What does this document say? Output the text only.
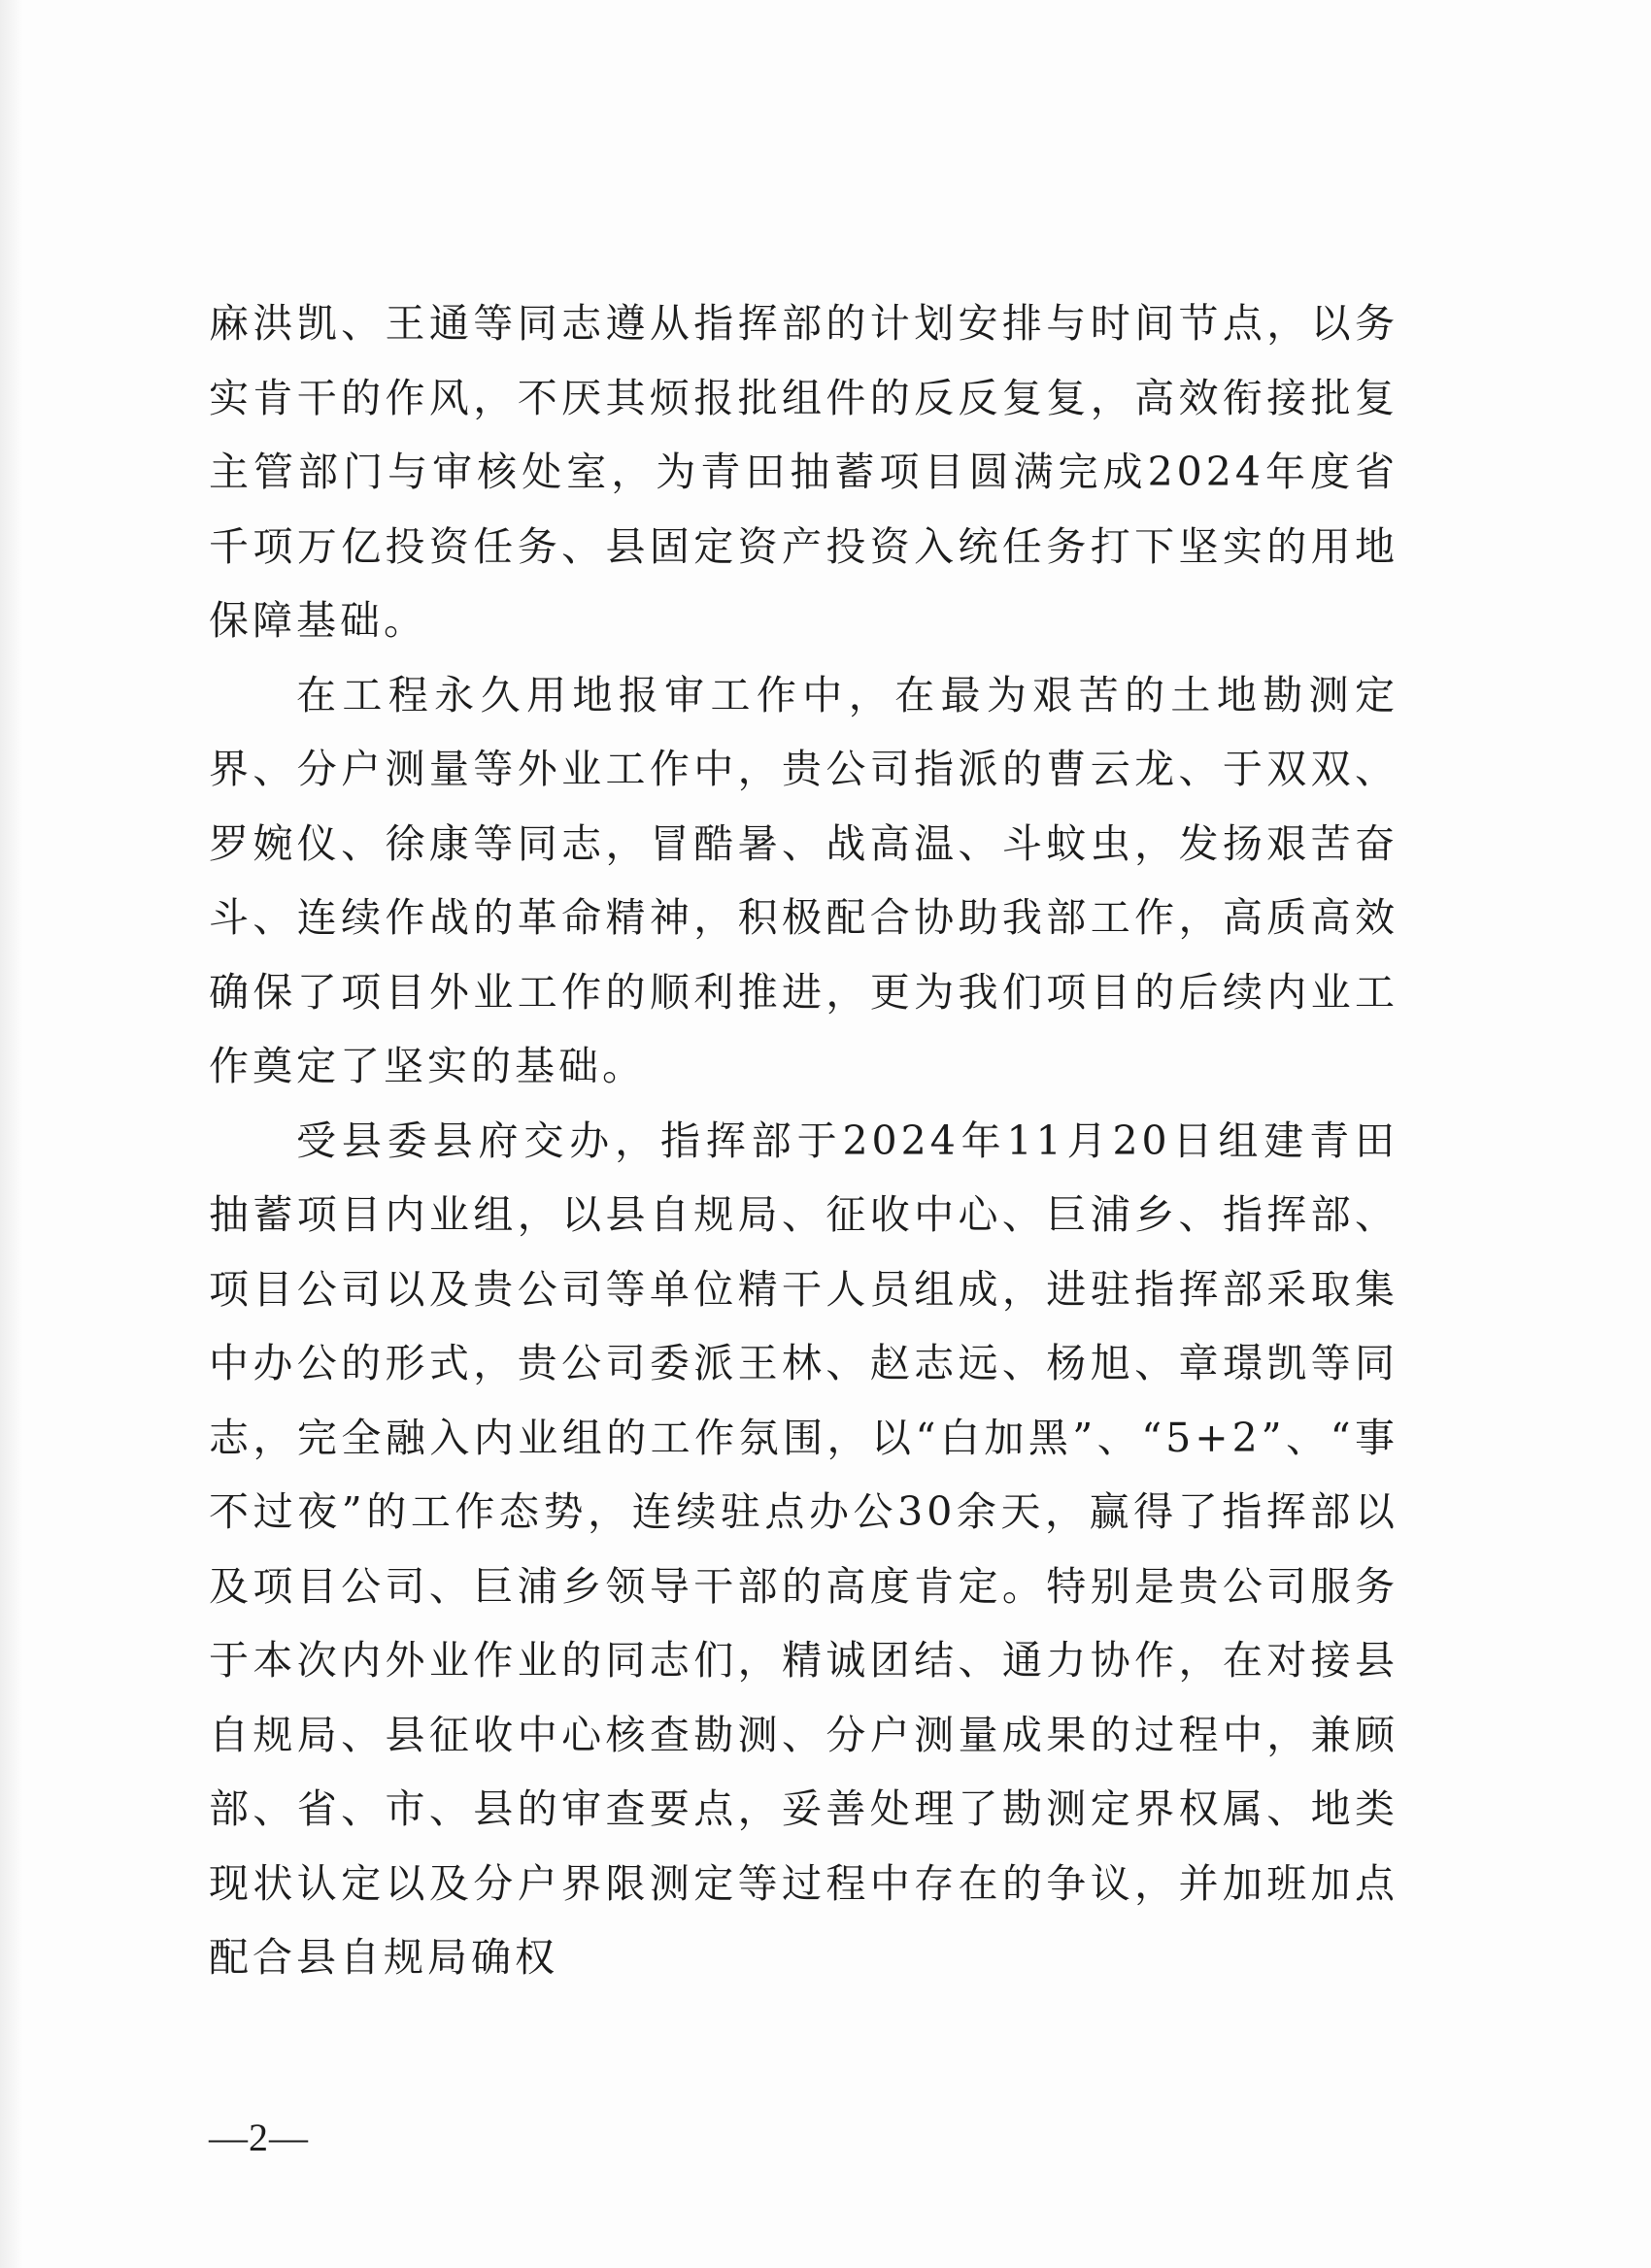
麻洪凯、王通等同志遵从指挥部的计划安排与时间节点，以务实肯干的作风，不厌其烦报批组件的反反复复，高效衔接批复主管部门与审核处室，为青田抽蓄项目圆满完成2024年度省千项万亿投资任务、县固定资产投资入统任务打下坚实的用地保障基础。

在工程永久用地报审工作中，在最为艰苦的土地勘测定界、分户测量等外业工作中，贵公司指派的曹云龙、于双双、罗婉仪、徐康等同志，冒酷暑、战高温、斗蚊虫，发扬艰苦奋斗、连续作战的革命精神，积极配合协助我部工作，高质高效确保了项目外业工作的顺利推进，更为我们项目的后续内业工作奠定了坚实的基础。

受县委县府交办，指挥部于2024年11月20日组建青田抽蓄项目内业组，以县自规局、征收中心、巨浦乡、指挥部、项目公司以及贵公司等单位精干人员组成，进驻指挥部采取集中办公的形式，贵公司委派王林、赵志远、杨旭、章璟凯等同志，完全融入内业组的工作氛围，以“白加黑”、“5+2”、“事不过夜”的工作态势，连续驻点办公30余天，赢得了指挥部以及项目公司、巨浦乡领导干部的高度肯定。特别是贵公司服务于本次内外业作业的同志们，精诚团结、通力协作，在对接县自规局、县征收中心核查勘测、分户测量成果的过程中，兼顾部、省、市、县的审查要点，妥善处理了勘测定界权属、地类现状认定以及分户界限测定等过程中存在的争议，并加班加点配合县自规局确权

—2—
